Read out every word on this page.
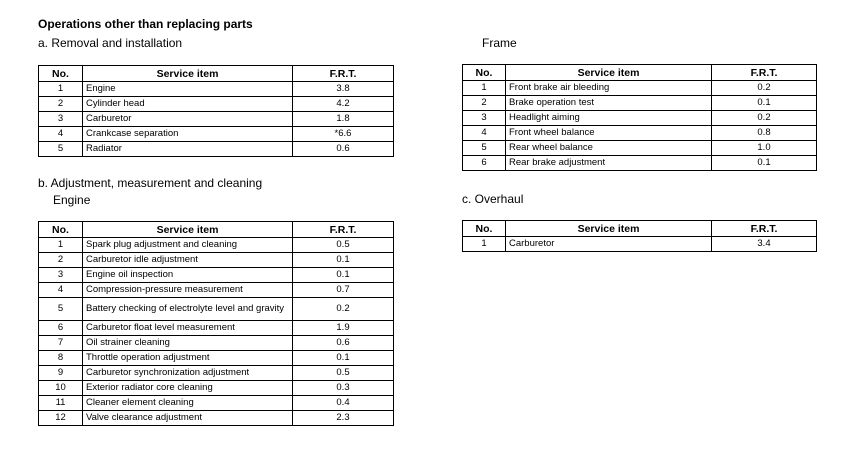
Operations other than replacing parts
a. Removal and installation	Frame
b. Adjustment, measurement and cleaning
Engine	c. Overhaul
No.	Service item	F.R.T.
1	Engine	3.8
2	Cylinder head	4.2
3	Carburetor	1.8
4	Crankcase separation	*6.6
5	Radiator	0.6
No.	Service item	F.R.T.
1	Spark plug adjustment and cleaning	0.5
2	Carburetor idle adjustment	0.1
3	Engine oil inspection	0.1
4	Compression-pressure measurement	0.7
5	Battery checking of electrolyte level and gravity	0.2
6	Carburetor float level measurement	1.9
7	Oil strainer cleaning	0.6
8	Throttle operation adjustment	0.1
9	Carburetor synchronization adjustment	0.5
10	Exterior radiator core cleaning	0.3
11	Cleaner element cleaning	0.4
12	Valve clearance adjustment	2.3
No.	Service item	F.R.T.
1	Front brake air bleeding	0.2
2	Brake operation test	0.1
3	Headlight aiming	0.2
4	Front wheel balance	0.8
5	Rear wheel balance	1.0
6	Rear brake adjustment	0.1
No.	Service item	F.R.T.
1	Carburetor	3.4
